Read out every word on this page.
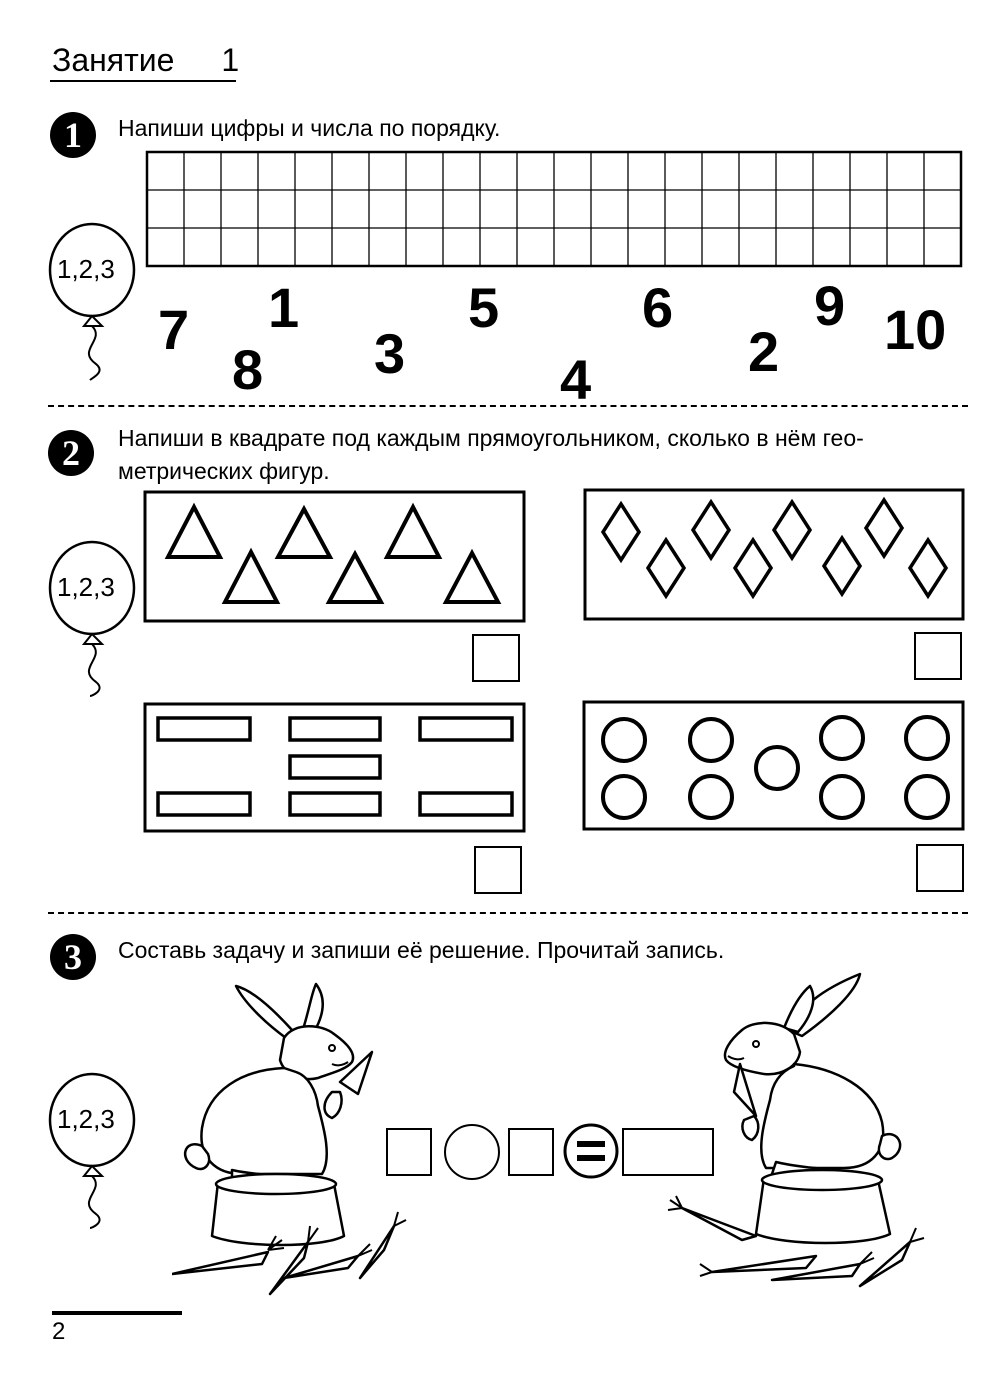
Занятие 1
1	Напиши цифры и числа по порядку.
1,2,3
7
8
1
3
5
4
6
2
9 10
2	Напиши в квадрате под каждым прямоугольником, сколько в нём гео-
метрических фигур.
1,2,3
3	Составь задачу и запиши её решение. Прочитай запись.
1,2,3
2
